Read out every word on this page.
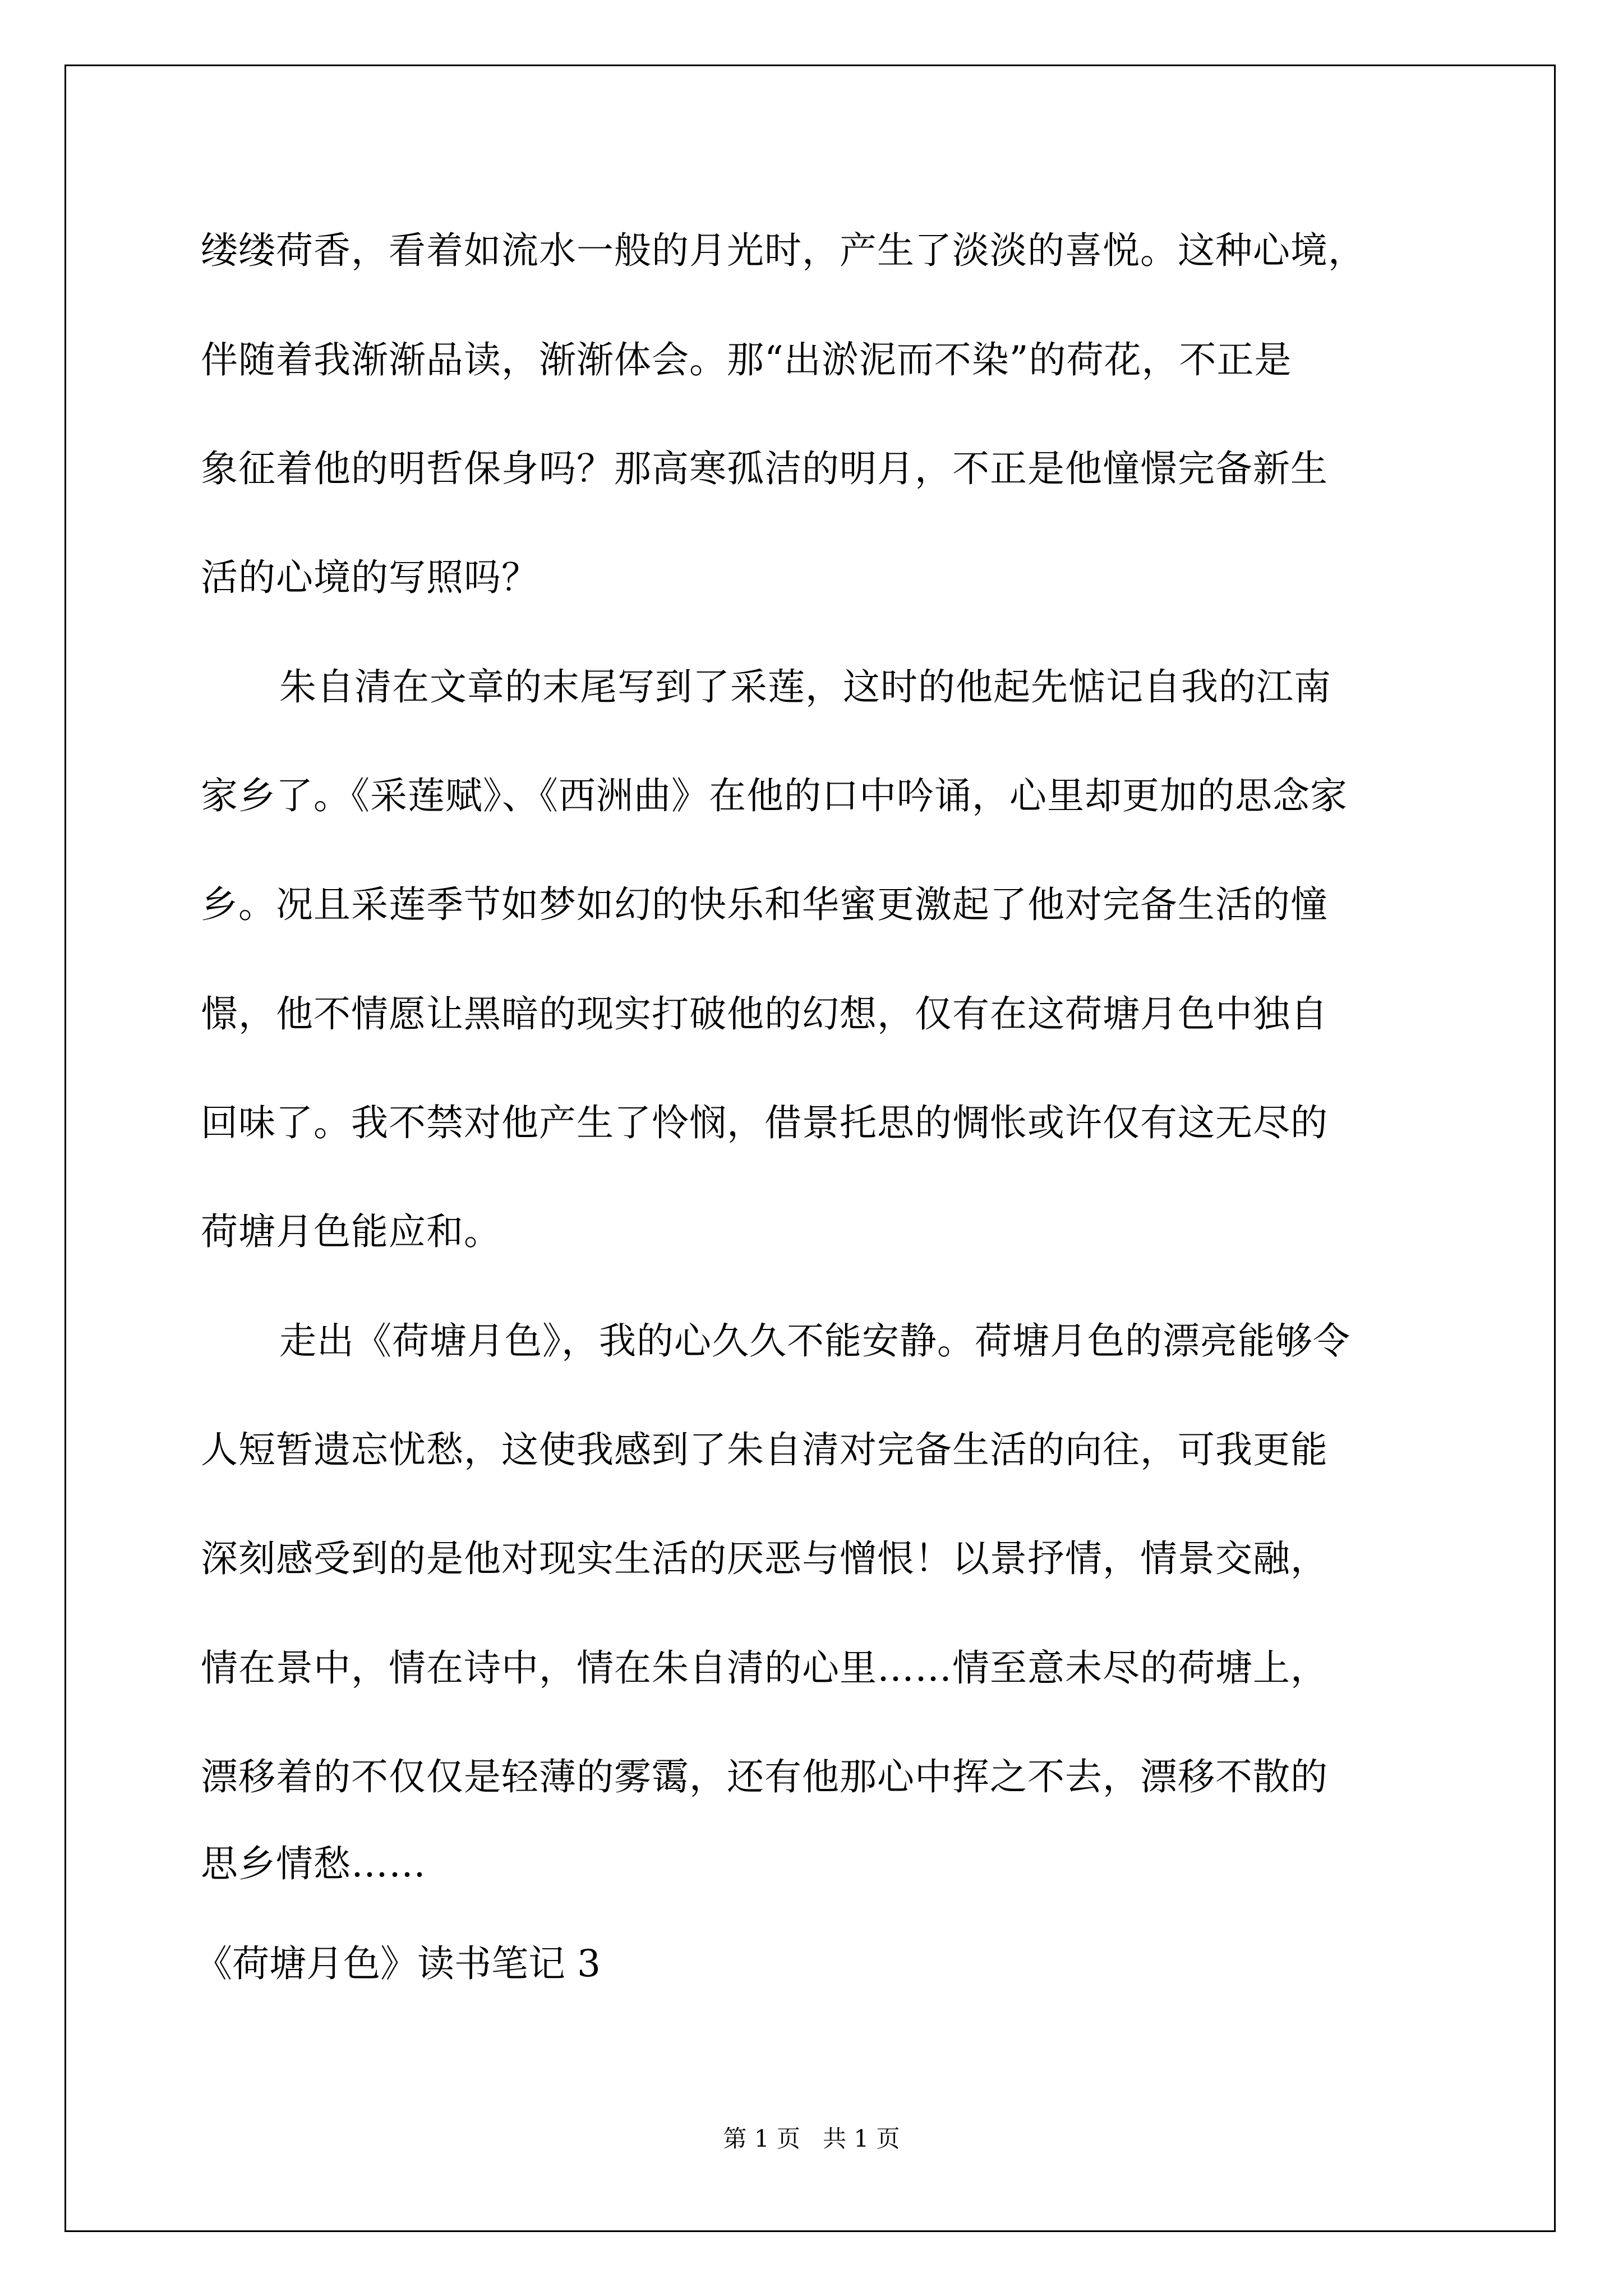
缕缕荷香，看着如流水一般的月光时，产生了淡淡的喜悦。这种心境，
伴随着我渐渐品读，渐渐体会。那“出淤泥而不染”的荷花，不正是
象征着他的明哲保身吗？那高寒孤洁的明月，不正是他憧憬完备新生
活的心境的写照吗？
朱自清在文章的末尾写到了采莲，这时的他起先惦记自我的江南
家乡了。《采莲赋》、《西洲曲》在他的口中吟诵，心里却更加的思念家
乡。况且采莲季节如梦如幻的快乐和华蜜更激起了他对完备生活的憧
憬，他不情愿让黑暗的现实打破他的幻想，仅有在这荷塘月色中独自
回味了。我不禁对他产生了怜悯，借景托思的惆怅或许仅有这无尽的
荷塘月色能应和。
走出《荷塘月色》，我的心久久不能安静。荷塘月色的漂亮能够令
人短暂遗忘忧愁，这使我感到了朱自清对完备生活的向往，可我更能
深刻感受到的是他对现实生活的厌恶与憎恨！以景抒情，情景交融，
情在景中，情在诗中，情在朱自清的心里……情至意未尽的荷塘上，
漂移着的不仅仅是轻薄的雾霭，还有他那心中挥之不去，漂移不散的
思乡情愁……
《荷塘月色》读书笔记 3
第 1 页   共 1 页
